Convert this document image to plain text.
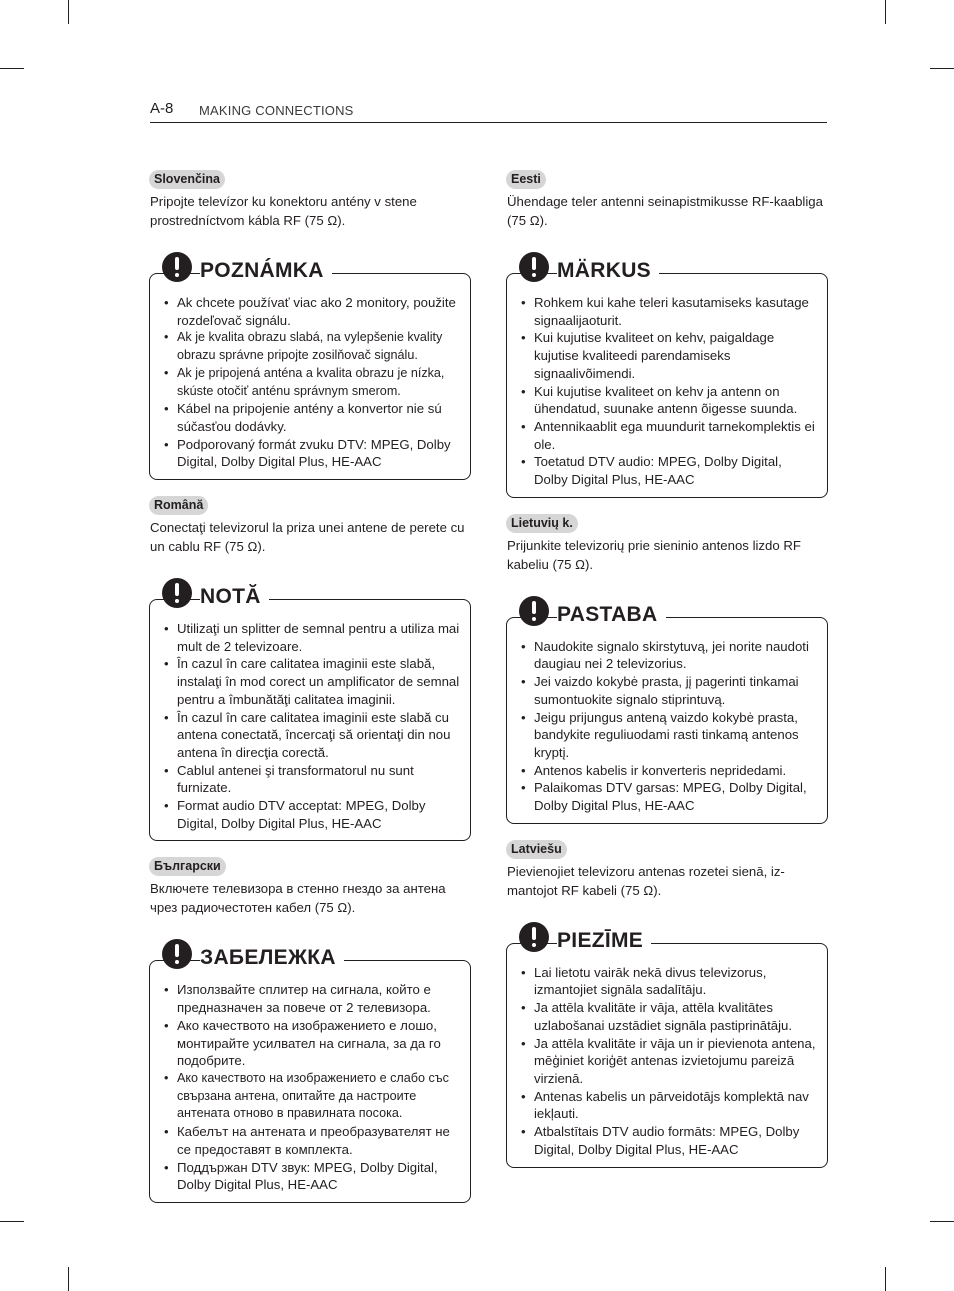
A-8 MAKING CONNECTIONS
Slovenčina
Pripojte televízor ku konektoru antény v stene prostredníctvom kábla RF (75 Ω).
POZNÁMKA
• Ak chcete používať viac ako 2 monitory, použite rozdeľovač signálu.
• Ak je kvalita obrazu slabá, na vylepšenie kvality obrazu správne pripojte zosilňovač signálu.
• Ak je pripojená anténa a kvalita obrazu je nízka, skúste otočiť anténu správnym smerom.
• Kábel na pripojenie antény a konvertor nie sú súčasťou dodávky.
• Podporovaný formát zvuku DTV: MPEG, Dolby Digital, Dolby Digital Plus, HE-AAC
Română
Conectaţi televizorul la priza unei antene de perete cu un cablu RF (75 Ω).
NOTĂ
• Utilizaţi un splitter de semnal pentru a utiliza mai mult de 2 televizoare.
• În cazul în care calitatea imaginii este slabă, instalaţi în mod corect un amplificator de semnal pentru a îmbunătăţi calitatea imaginii.
• În cazul în care calitatea imaginii este slabă cu antena conectată, încercaţi să orientaţi din nou antena în direcţia corectă.
• Cablul antenei şi transformatorul nu sunt furnizate.
• Format audio DTV acceptat: MPEG, Dolby Digital, Dolby Digital Plus, HE-AAC
Български
Включете телевизора в стенно гнездо за антена чрез радиочестотен кабел (75 Ω).
ЗАБЕЛЕЖКА
• Използвайте сплитер на сигнала, който е предназначен за повече от 2 телевизора.
• Ако качеството на изображението е лошо, монтирайте усилвател на сигнала, за да го подобрите.
• Ако качеството на изображението е слабо със свързана антена, опитайте да настроите антената отново в правилната посока.
• Кабелът на антената и преобразувателят не се предоставят в комплекта.
• Поддържан DTV звук: MPEG, Dolby Digital, Dolby Digital Plus, HE-AAC
Eesti
Ühendage teler antenni seinapistmikusse RF-kaabliga (75 Ω).
MÄRKUS
• Rohkem kui kahe teleri kasutamiseks kasutage signaalijaoturit.
• Kui kujutise kvaliteet on kehv, paigaldage kujutise kvaliteedi parendamiseks signaalivõimendi.
• Kui kujutise kvaliteet on kehv ja antenn on ühendatud, suunake antenn õigesse suunda.
• Antennikaablit ega muundurit tarnekomplektis ei ole.
• Toetatud DTV audio: MPEG, Dolby Digital, Dolby Digital Plus, HE-AAC
Lietuvių k.
Prijunkite televizorių prie sieninio antenos lizdo RF kabeliu (75 Ω).
PASTABA
• Naudokite signalo skirstytuvą, jei norite naudoti daugiau nei 2 televizorius.
• Jei vaizdo kokybė prasta, jį pagerinti tinkamai sumontuokite signalo stiprintuvą.
• Jeigu prijungus anteną vaizdo kokybė prasta, bandykite reguliuodami rasti tinkamą antenos kryptį.
• Antenos kabelis ir konverteris nepridedami.
• Palaikomas DTV garsas: MPEG, Dolby Digital, Dolby Digital Plus, HE-AAC
Latviešu
Pievienojiet televizoru antenas rozetei sienā, iz-mantojot RF kabeli (75 Ω).
PIEZĪME
• Lai lietotu vairāk nekā divus televizorus, izmantojiet signāla sadalītāju.
• Ja attēla kvalitāte ir vāja, attēla kvalitātes uzlabošanai uzstādiet signāla pastiprinātāju.
• Ja attēla kvalitāte ir vāja un ir pievienota antena, mēģiniet koriģēt antenas izvietojumu pareizā virzienā.
• Antenas kabelis un pārveidotājs komplektā nav iekļauti.
• Atbalstītais DTV audio formāts: MPEG, Dolby Digital, Dolby Digital Plus, HE-AAC
